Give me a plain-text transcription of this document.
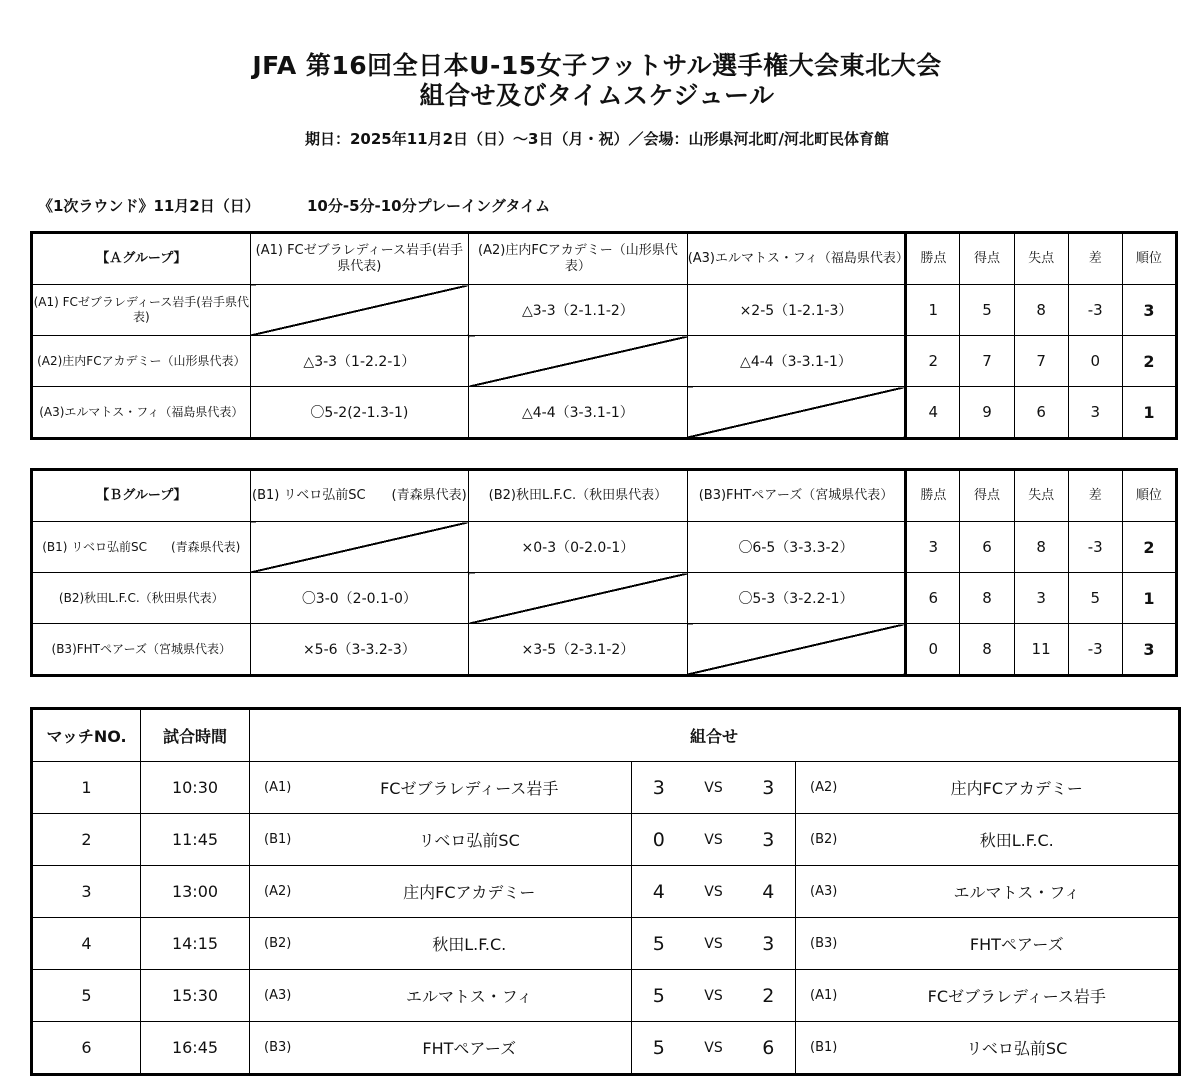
JFA 第16回全日本U-15女子フットサル選手権大会東北大会
組合せ及びタイムスケジュール
期日：2025年11月2日（日）～3日（月・祝）／会場：山形県河北町/河北町民体育館
《1次ラウンド》11月2日（日）	10分-5分-10分プレーイングタイム
【Ａグループ】	(A1) FCゼブラレディース岩手(岩手県代表)	(A2)庄内FCアカデミー（山形県代表）	(A3)エルマトス・フィ（福島県代表）	勝点	得点	失点	差	順位
(A1) FCゼブラレディース岩手(岩手県代表)		△3-3（2-1.1-2）	×2-5（1-2.1-3）	1	5	8	-3	3
(A2)庄内FCアカデミー（山形県代表）	△3-3（1-2.2-1）		△4-4（3-3.1-1）	2	7	7	0	2
(A3)エルマトス・フィ（福島県代表）	〇5-2(2-1.3-1)	△4-4（3-3.1-1）		4	9	6	3	1
【Ｂグループ】	(B1) リベロ弘前SC　　(青森県代表)	(B2)秋田L.F.C.（秋田県代表）	(B3)FHTペアーズ（宮城県代表）	勝点	得点	失点	差	順位
(B1) リベロ弘前SC　　(青森県代表)		×0-3（0-2.0-1）	〇6-5（3-3.3-2）	3	6	8	-3	2
(B2)秋田L.F.C.（秋田県代表）	〇3-0（2-0.1-0）		〇5-3（3-2.2-1）	6	8	3	5	1
(B3)FHTペアーズ（宮城県代表）	×5-6（3-3.2-3）	×3-5（2-3.1-2）		0	8	11	-3	3
マッチNO.	試合時間	組合せ						
1	10:30	(A1)	FCゼブラレディース岩手	3	VS	3	(A2)	庄内FCアカデミー
2	11:45	(B1)	リベロ弘前SC	0	VS	3	(B2)	秋田L.F.C.
3	13:00	(A2)	庄内FCアカデミー	4	VS	4	(A3)	エルマトス・フィ
4	14:15	(B2)	秋田L.F.C.	5	VS	3	(B3)	FHTペアーズ
5	15:30	(A3)	エルマトス・フィ	5	VS	2	(A1)	FCゼブラレディース岩手
6	16:45	(B3)	FHTペアーズ	5	VS	6	(B1)	リベロ弘前SC
